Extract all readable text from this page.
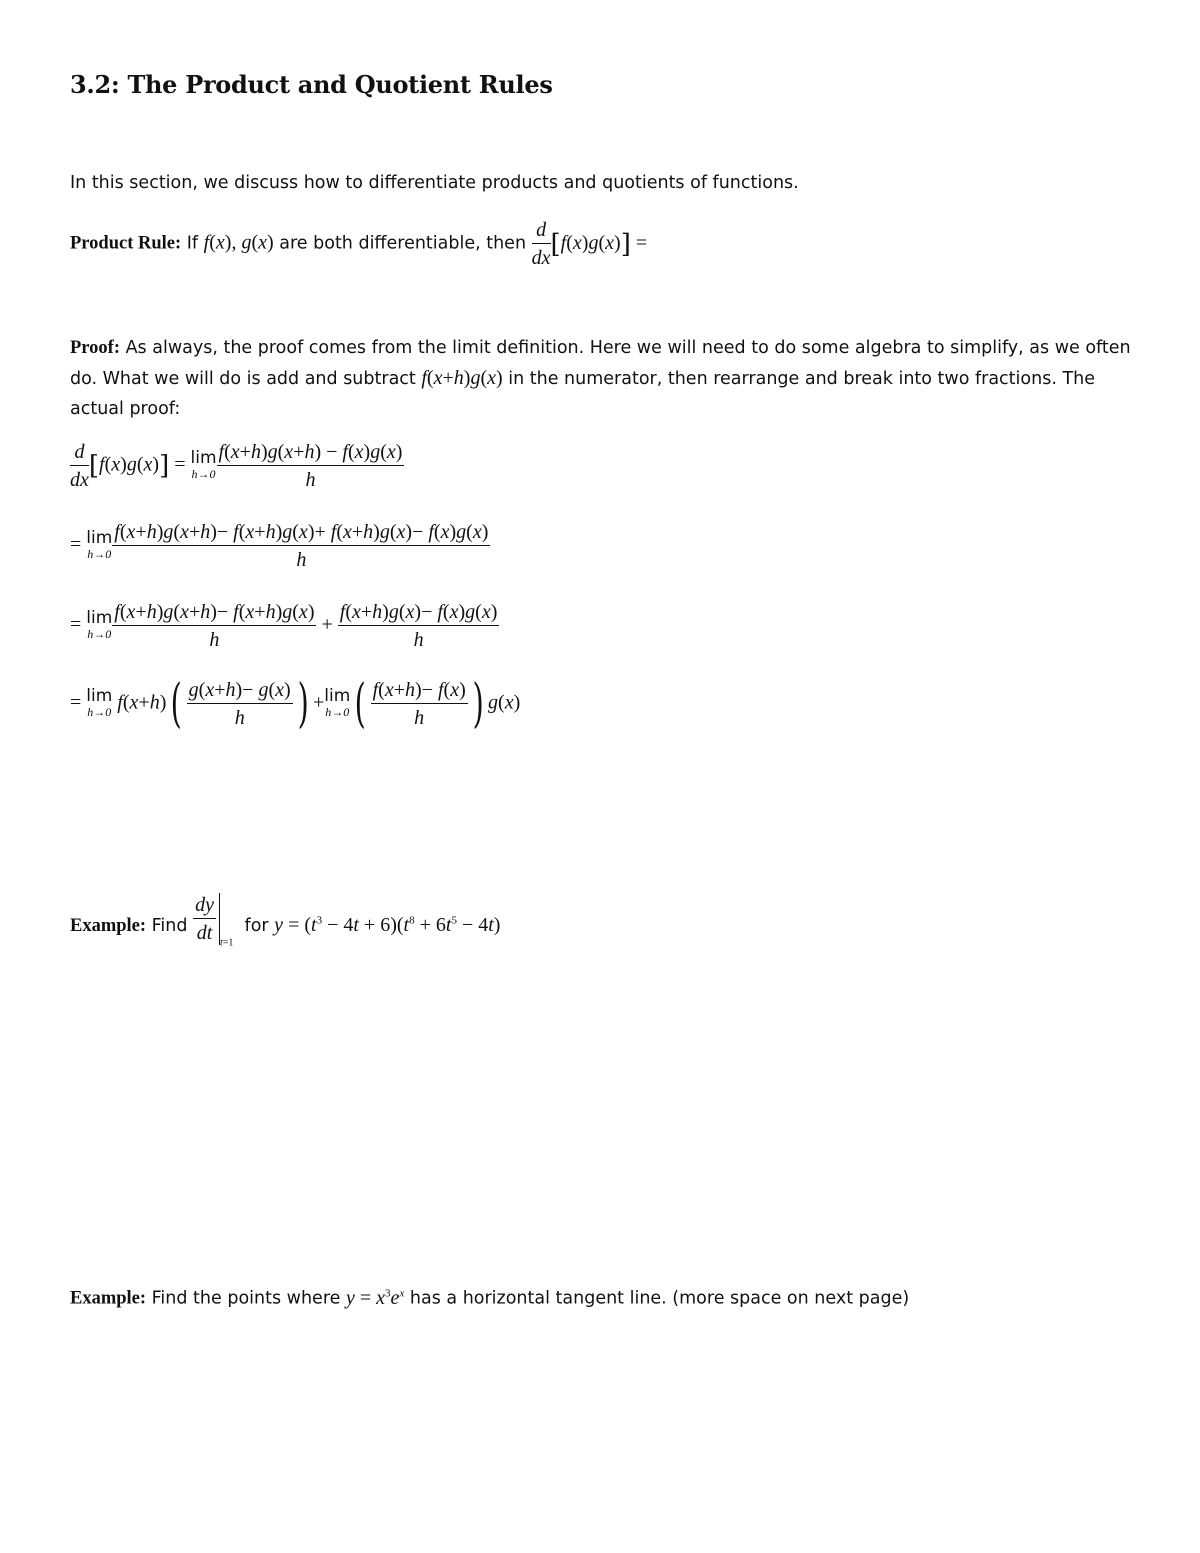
3.2: The Product and Quotient Rules
In this section, we discuss how to differentiate products and quotients of functions.
Product Rule: If f(x), g(x) are both differentiable, then $\frac{d}{dx} [f(x)g(x)]$ =
Proof: As always, the proof comes from the limit definition. Here we will need to do some algebra to simplify, as we often do. What we will do is add and subtract f(x+h)g(x) in the numerator, then rearrange and break into two fractions. The actual proof:
$\frac{d}{dx} [f(x)g(x)] = \lim$
$h\to 0 \frac{f(x+h)g(x+h) - f(x)g(x)}{h}$
= lim
$h\to 0 \frac{f(x+h)g(x+h)- f(x+h)g(x)+ f(x+h)g(x)- f(x)g(x)}{h}$
= lim
$h\to 0 \frac{f(x+h)g(x+h)- f(x+h)g(x)}{h} + \frac{f(x+h)g(x)- f(x)g(x)}{h}$
= lim
h→0 $f(x+h)( \frac{g(x+h)- g(x)}{h}$ ) + lim
h→0 ( $\frac{f(x+h)- f(x)}{h}$ ) g(x)
Example: Find $\frac{dy}{dt} _{t=1}$  for $y = (t^3 - 4t + 6)(t^8 + 6t^5 - 4t)$
Example: Find the points where $y = x^3e^x$ has a horizontal tangent line. (more space on next page)
